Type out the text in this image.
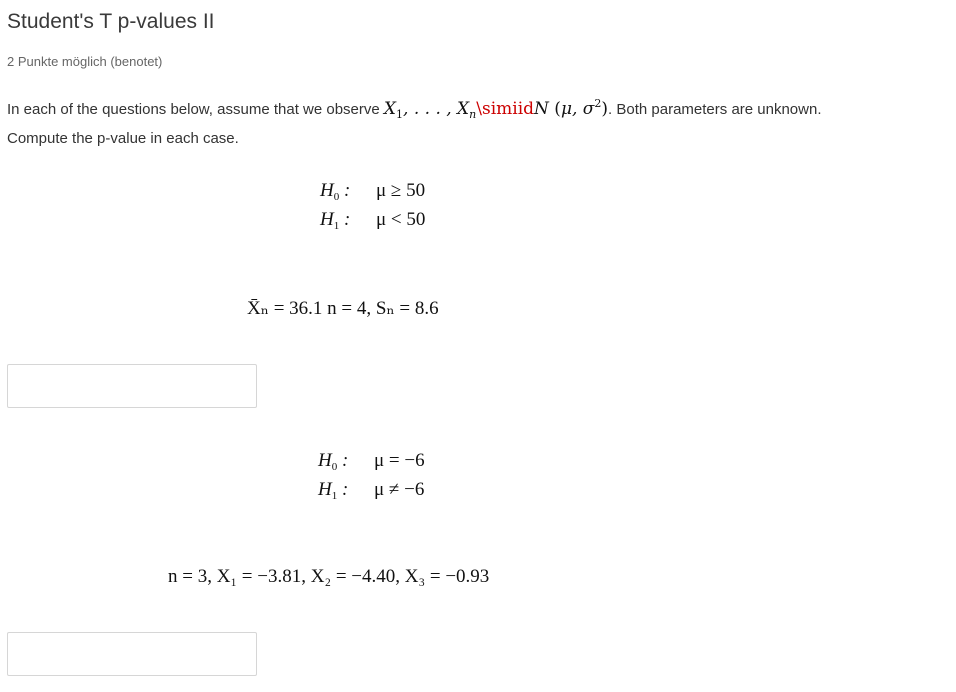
Student's T p-values II
2 Punkte möglich (benotet)
In each of the questions below, assume that we observe $X_1$, . . . , $X_n\backslash simiidN$ (μ, $\sigma^2$). Both parameters are unknown.
Compute the p-value in each case.
$H_0$ : μ ≥ 50
$H_1$ : μ < 50
X̄ₙ = 36.1 n = 4, Sₙ = 8.6
$H_0$ : μ = −6
$H_1$ : μ ≠ −6
n = 3, X₁ = −3.81, X₂ = −4.40, X₃ = −0.93
